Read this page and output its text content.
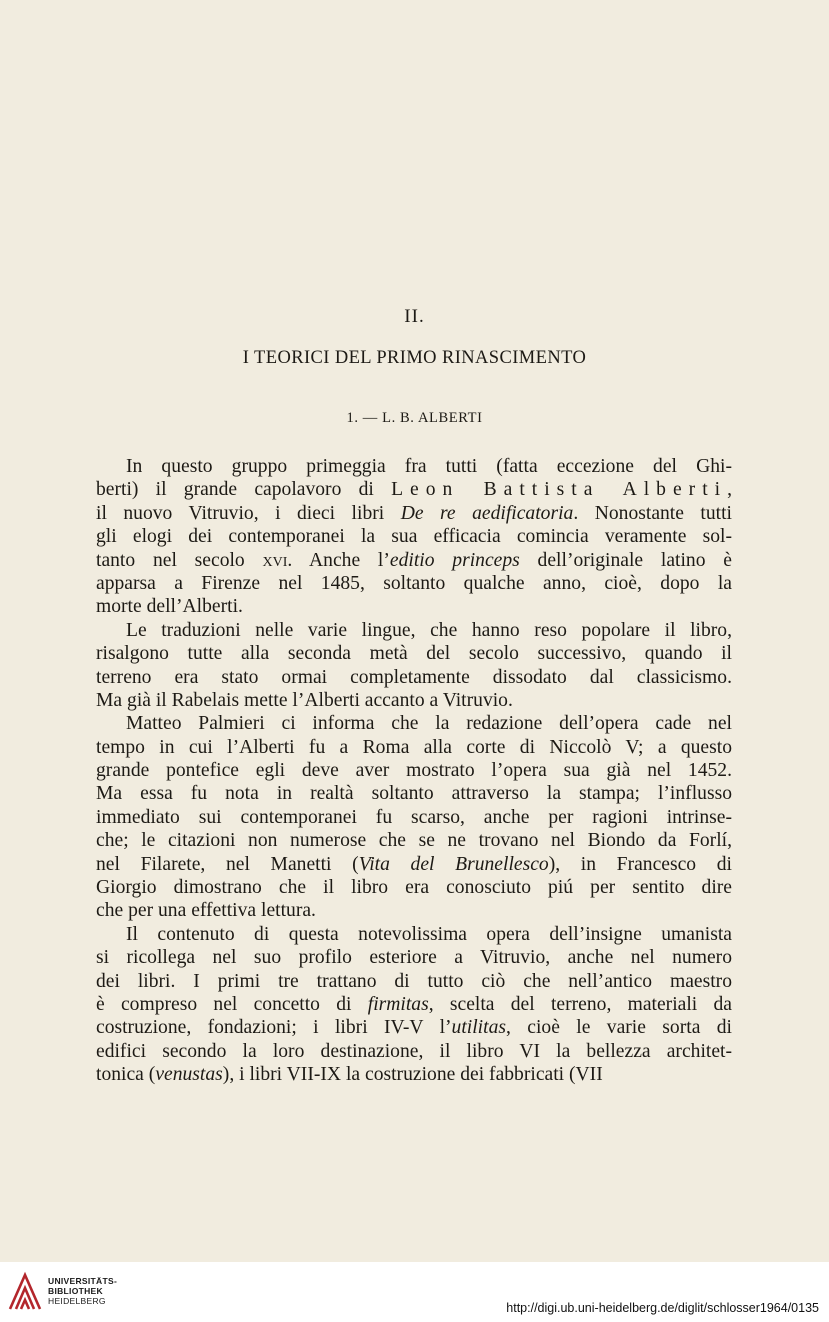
II.
I TEORICI DEL PRIMO RINASCIMENTO
1. — L. B. ALBERTI
In questo gruppo primeggia fra tutti (fatta eccezione del Ghi-
berti) il grande capolavoro di Leon Battista Alberti,
il nuovo Vitruvio, i dieci libri De re aedificatoria. Nonostante tutti
gli elogi dei contemporanei la sua efficacia comincia veramente sol-
tanto nel secolo xvi. Anche l’editio princeps dell’originale latino è
apparsa a Firenze nel 1485, soltanto qualche anno, cioè, dopo la
morte dell’Alberti.
Le traduzioni nelle varie lingue, che hanno reso popolare il libro,
risalgono tutte alla seconda metà del secolo successivo, quando il
terreno era stato ormai completamente dissodato dal classicismo.
Ma già il Rabelais mette l’Alberti accanto a Vitruvio.
Matteo Palmieri ci informa che la redazione dell’opera cade nel
tempo in cui l’Alberti fu a Roma alla corte di Niccolò V; a questo
grande pontefice egli deve aver mostrato l’opera sua già nel 1452.
Ma essa fu nota in realtà soltanto attraverso la stampa; l’influsso
immediato sui contemporanei fu scarso, anche per ragioni intrinse-
che; le citazioni non numerose che se ne trovano nel Biondo da Forlí,
nel Filarete, nel Manetti (Vita del Brunellesco), in Francesco di
Giorgio dimostrano che il libro era conosciuto piú per sentito dire
che per una effettiva lettura.
Il contenuto di questa notevolissima opera dell’insigne umanista
si ricollega nel suo profilo esteriore a Vitruvio, anche nel numero
dei libri. I primi tre trattano di tutto ciò che nell’antico maestro
è compreso nel concetto di firmitas, scelta del terreno, materiali da
costruzione, fondazioni; i libri IV-V l’utilitas, cioè le varie sorta di
edifici secondo la loro destinazione, il libro VI la bellezza architet-
tonica (venustas), i libri VII-IX la costruzione dei fabbricati (VII
UNIVERSITÄTS-
BIBLIOTHEK
HEIDELBERG	http://digi.ub.uni-heidelberg.de/diglit/schlosser1964/0135
